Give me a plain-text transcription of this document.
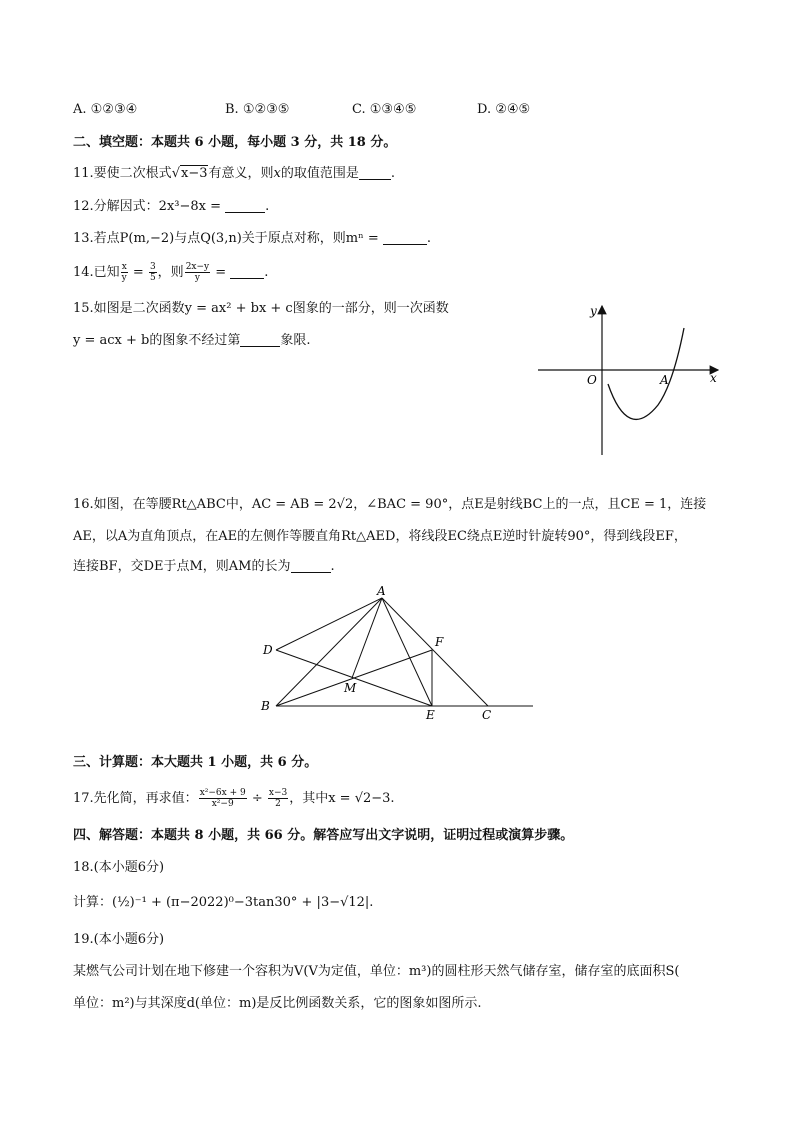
A. ①②③④	B. ①②③⑤	C. ①③④⑤	D. ②④⑤
二、填空题：本题共 6 小题，每小题 3 分，共 18 分。
11.要使二次根式√x−3有意义，则x的取值范围是 .
12.分解因式：2x³−8x =	.
13.若点P(m,−2)与点Q(3,n)关于原点对称，则mⁿ =	.
14.已知 $\frac{x}{y} = \frac{3}{5}$ ，则 $\frac{2x-y}{y}$ =	.
15.如图是二次函数y = ax² + bx + c图象的一部分，则一次函数
y = acx + b的图象不经过第	象限.
y
x
O	A
16.如图，在等腰Rt△ABC中，AC = AB = 2√2，∠BAC = 90°，点E是射线BC上的一点，且CE = 1，连接
AE，以A为直角顶点，在AE的左侧作等腰直角Rt△AED，将线段EC绕点E逆时针旋转90°，得到线段EF，
连接BF，交DE于点M，则AM的长为	.
A
B
C
D
E
F
M
三、计算题：本大题共 1 小题，共 6 分。
17.先化简，再求值： $\frac{\text{x²−6x + 9}}{\text{x²−9}} \div \frac{x-3}{2}$ ，其中x = √2−3.
四、解答题：本题共 8 小题，共 66 分。解答应写出文字说明，证明过程或演算步骤。
18.(本小题6分)
计算：(½)⁻¹ + (π−2022)⁰−3tan30° + |3−√12|.
19.(本小题6分)
某燃气公司计划在地下修建一个容积为V(V为定值，单位：m³)的圆柱形天然气储存室，储存室的底面积S(
单位：m²)与其深度d(单位：m)是反比例函数关系，它的图象如图所示.
